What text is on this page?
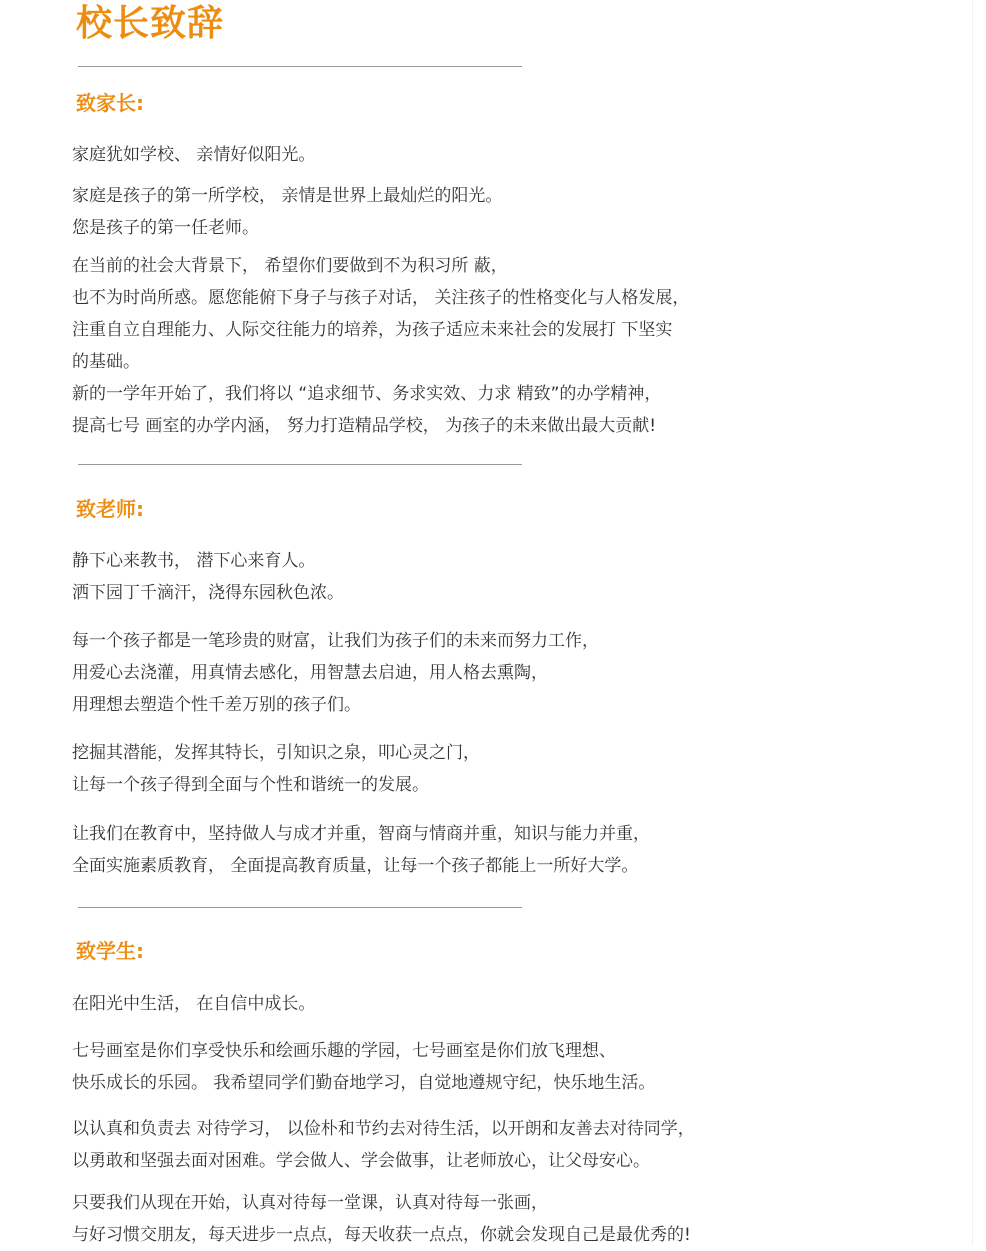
校长致辞
致家长:

家庭犹如学校、 亲情好似阳光。

家庭是孩子的第一所学校， 亲情是世界上最灿烂的阳光。
您是孩子的第一任老师。

在当前的社会大背景下， 希望你们要做到不为积习所 蔽，
也不为时尚所惑。愿您能俯下身子与孩子对话， 关注孩子的性格变化与人格发展，
注重自立自理能力、人际交往能力的培养，为孩子适应未来社会的发展打 下坚实
的基础。

新的一学年开始了，我们将以 “追求细节、务求实效、力求 精致”的办学精神，
提高七号 画室的办学内涵， 努力打造精品学校， 为孩子的未来做出最大贡献!

致老师:

静下心来教书， 潜下心来育人。
洒下园丁千滴汗，浇得东园秋色浓。

每一个孩子都是一笔珍贵的财富，让我们为孩子们的未来而努力工作，
用爱心去浇灌，用真情去感化，用智慧去启迪，用人格去熏陶，
用理想去塑造个性千差万别的孩子们。

挖掘其潜能，发挥其特长，引知识之泉，叩心灵之门，
让每一个孩子得到全面与个性和谐统一的发展。

让我们在教育中，坚持做人与成才并重，智商与情商并重，知识与能力并重，
全面实施素质教育， 全面提高教育质量，让每一个孩子都能上一所好大学。

致学生:

在阳光中生活， 在自信中成长。

七号画室是你们享受快乐和绘画乐趣的学园，七号画室是你们放飞理想、
快乐成长的乐园。 我希望同学们勤奋地学习，自觉地遵规守纪，快乐地生活。

以认真和负责去 对待学习， 以俭朴和节约去对待生活，以开朗和友善去对待同学，
以勇敢和坚强去面对困难。学会做人、学会做事，让老师放心，让父母安心。

只要我们从现在开始，认真对待每一堂课，认真对待每一张画，
与好习惯交朋友，每天进步一点点，每天收获一点点，你就会发现自己是最优秀的!
